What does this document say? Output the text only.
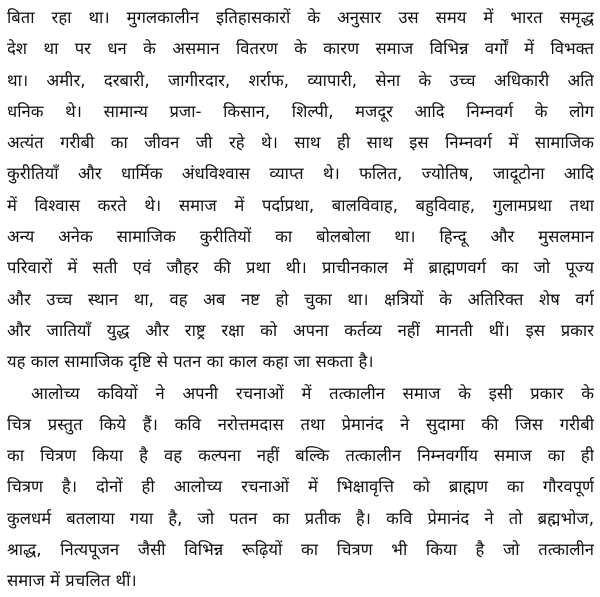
बिता रहा था। मुगलकालीन इतिहासकारों के अनुसार उस समय में भारत समृद्ध
देश था पर धन के असमान वितरण के कारण समाज विभिन्न वर्गों में विभक्त
था। अमीर, दरबारी, जागीरदार, शर्राफ, व्यापारी, सेना के उच्च अधिकारी अति
धनिक थे। सामान्य प्रजा- किसान, शिल्पी, मजदूर आदि निम्नवर्ग के लोग
अत्यंत गरीबी का जीवन जी रहे थे। साथ ही साथ इस निम्नवर्ग में सामाजिक
कुरीतियाँ और धार्मिक अंधविश्वास व्याप्त थे। फलित, ज्योतिष, जादूटोना आदि
में विश्वास करते थे। समाज में पर्दाप्रथा, बालविवाह, बहुविवाह, गुलामप्रथा तथा
अन्य अनेक सामाजिक कुरीतियों का बोलबोला था। हिन्दू और मुसलमान
परिवारों में सती एवं जौहर की प्रथा थी। प्राचीनकाल में ब्राह्मणवर्ग का जो पूज्य
और उच्च स्थान था, वह अब नष्ट हो चुका था। क्षत्रियों के अतिरिक्त शेष वर्ग
और जातियाँ युद्ध और राष्ट्र रक्षा को अपना कर्तव्य नहीं मानती थीं। इस प्रकार
यह काल सामाजिक दृष्टि से पतन का काल कहा जा सकता है।
आलोच्य कवियों ने अपनी रचनाओं में तत्कालीन समाज के इसी प्रकार के
चित्र प्रस्तुत किये हैं। कवि नरोत्तमदास तथा प्रेमानंद ने सुदामा की जिस गरीबी
का चित्रण किया है वह कल्पना नहीं बल्कि तत्कालीन निम्नवर्गीय समाज का ही
चित्रण है। दोनों ही आलोच्य रचनाओं में भिक्षावृत्ति को ब्राह्मण का गौरवपूर्ण
कुलधर्म बतलाया गया है, जो पतन का प्रतीक है। कवि प्रेमानंद ने तो ब्रह्मभोज,
श्राद्ध, नित्यपूजन जैसी विभिन्न रूढ़ियों का चित्रण भी किया है जो तत्कालीन
समाज में प्रचलित थीं।
